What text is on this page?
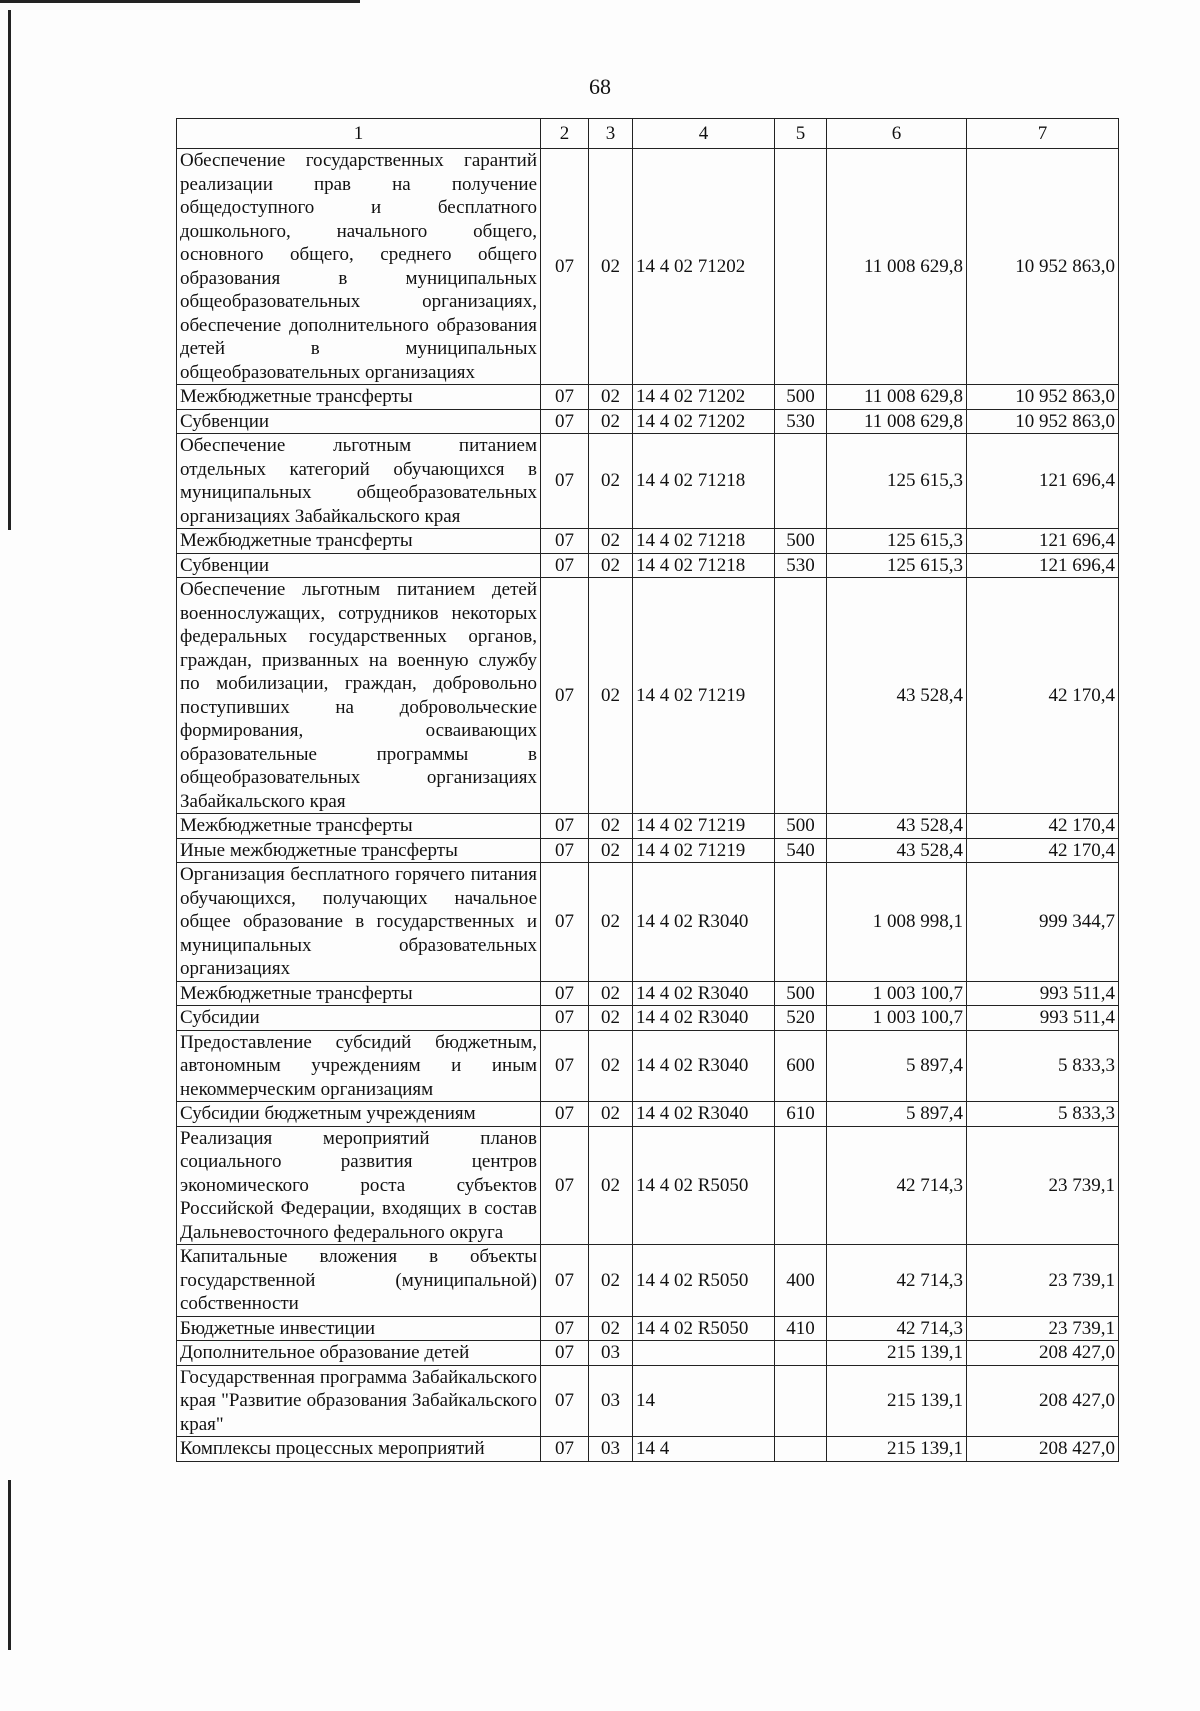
68
1	2	3	4	5	6	7
Обеспечение государственных гарантий реализации прав на получение общедоступного и бесплатного дошкольного, начального общего, основного общего, среднего общего образования в муниципальных общеобразовательных организациях, обеспечение дополнительного образования детей в муниципальных общеобразовательных организациях	07	02	14 4 02 71202		11 008 629,8	10 952 863,0
Межбюджетные трансферты	07	02	14 4 02 71202	500	11 008 629,8	10 952 863,0
Субвенции	07	02	14 4 02 71202	530	11 008 629,8	10 952 863,0
Обеспечение льготным питанием отдельных категорий обучающихся в муниципальных общеобразовательных организациях Забайкальского края	07	02	14 4 02 71218		125 615,3	121 696,4
Межбюджетные трансферты	07	02	14 4 02 71218	500	125 615,3	121 696,4
Субвенции	07	02	14 4 02 71218	530	125 615,3	121 696,4
Обеспечение льготным питанием детей военнослужащих, сотрудников некоторых федеральных государственных органов, граждан, призванных на военную службу по мобилизации, граждан, добровольно поступивших на добровольческие формирования, осваивающих образовательные программы в общеобразовательных организациях Забайкальского края	07	02	14 4 02 71219		43 528,4	42 170,4
Межбюджетные трансферты	07	02	14 4 02 71219	500	43 528,4	42 170,4
Иные межбюджетные трансферты	07	02	14 4 02 71219	540	43 528,4	42 170,4
Организация бесплатного горячего питания обучающихся, получающих начальное общее образование в государственных и муниципальных образовательных организациях	07	02	14 4 02 R3040		1 008 998,1	999 344,7
Межбюджетные трансферты	07	02	14 4 02 R3040	500	1 003 100,7	993 511,4
Субсидии	07	02	14 4 02 R3040	520	1 003 100,7	993 511,4
Предоставление субсидий бюджетным, автономным учреждениям и иным некоммерческим организациям	07	02	14 4 02 R3040	600	5 897,4	5 833,3
Субсидии бюджетным учреждениям	07	02	14 4 02 R3040	610	5 897,4	5 833,3
Реализация мероприятий планов социального развития центров экономического роста субъектов Российской Федерации, входящих в состав Дальневосточного федерального округа	07	02	14 4 02 R5050		42 714,3	23 739,1
Капитальные вложения в объекты государственной (муниципальной) собственности	07	02	14 4 02 R5050	400	42 714,3	23 739,1
Бюджетные инвестиции	07	02	14 4 02 R5050	410	42 714,3	23 739,1
Дополнительное образование детей	07	03			215 139,1	208 427,0
Государственная программа Забайкальского края "Развитие образования Забайкальского края"	07	03	14		215 139,1	208 427,0
Комплексы процессных мероприятий	07	03	14 4		215 139,1	208 427,0
